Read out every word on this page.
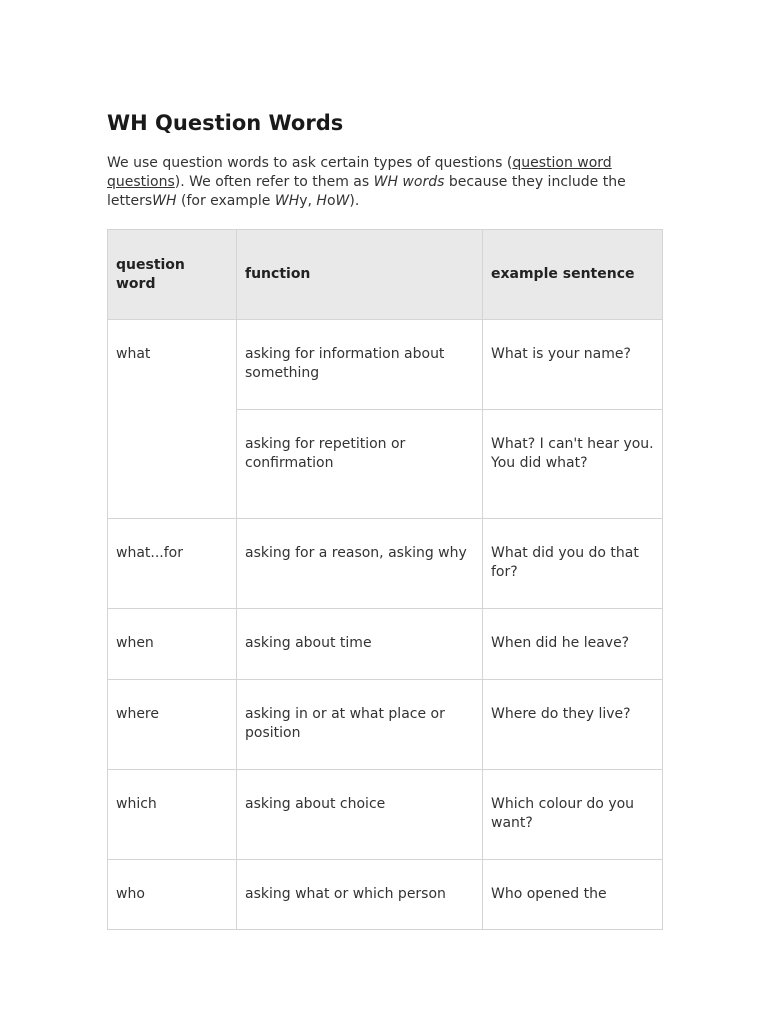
WH Question Words

We use question words to ask certain types of questions (question word questions). We often refer to them as WH words because they include the lettersWH (for example WHy, HoW).

question word	function	example sentence

what	asking for information about something	What is your name?

	asking for repetition or confirmation	What? I can't hear you.
You did what?

what...for	asking for a reason, asking why	What did you do that for?

when	asking about time	When did he leave?

where	asking in or at what place or position	Where do they live?

which	asking about choice	Which colour do you want?

who	asking what or which person	Who opened the
